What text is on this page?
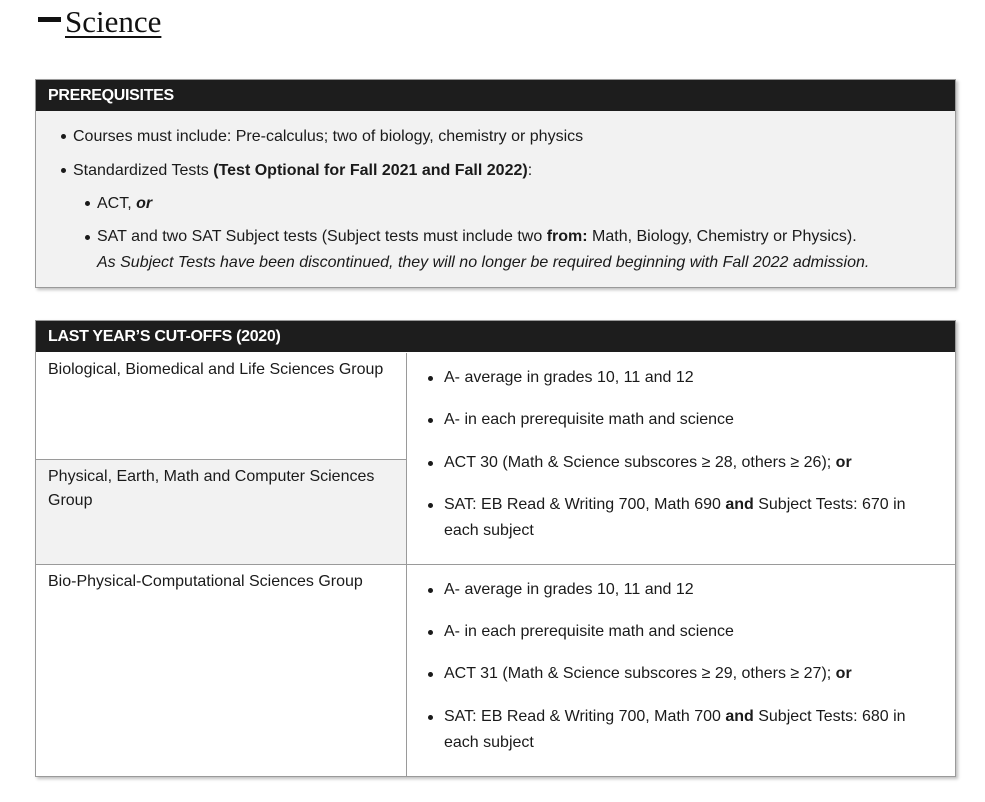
Science
PREREQUISITES
Courses must include: Pre-calculus; two of biology, chemistry or physics
Standardized Tests (Test Optional for Fall 2021 and Fall 2022):
ACT, or
SAT and two SAT Subject tests (Subject tests must include two from: Math, Biology, Chemistry or Physics).
As Subject Tests have been discontinued, they will no longer be required beginning with Fall 2022 admission.
LAST YEAR’S CUT-OFFS (2020)
Biological, Biomedical and Life Sciences Group
Physical, Earth, Math and Computer Sciences Group
Bio-Physical-Computational Sciences Group
A- average in grades 10, 11 and 12
A- in each prerequisite math and science
ACT 30 (Math & Science subscores ≥ 28, others ≥ 26); or
SAT: EB Read & Writing 700, Math 690 and Subject Tests: 670 in
each subject
A- average in grades 10, 11 and 12
A- in each prerequisite math and science
ACT 31 (Math & Science subscores ≥ 29, others ≥ 27); or
SAT: EB Read & Writing 700, Math 700 and Subject Tests: 680 in
each subject
